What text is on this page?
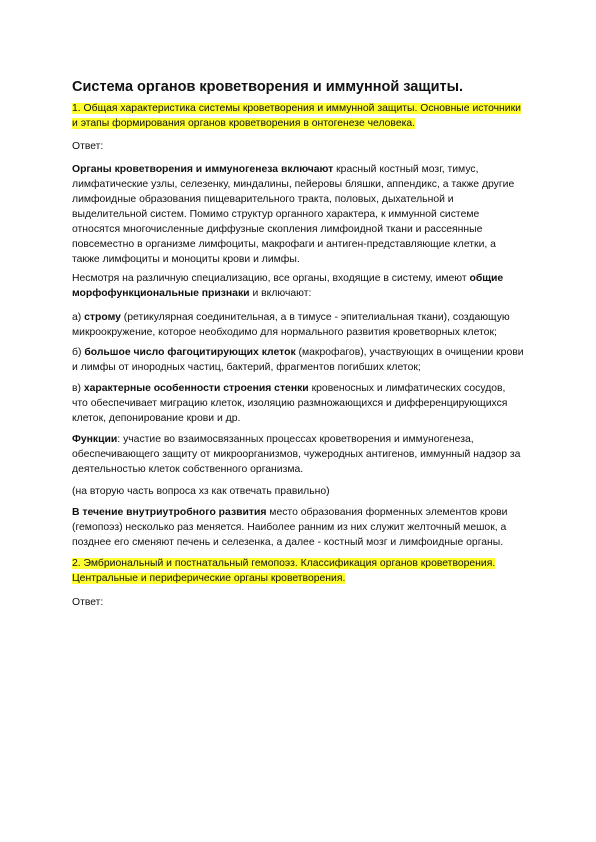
Система органов кроветворения и иммунной защиты.

1. Общая характеристика системы кроветворения и иммунной защиты. Основные источники и этапы формирования органов кроветворения в онтогенезе человека.

Ответ:

Органы кроветворения и иммуногенеза включают красный костный мозг, тимус, лимфатические узлы, селезенку, миндалины, пейеровы бляшки, аппендикс, а также другие лимфоидные образования пищеварительного тракта, половых, дыхательной и выделительной систем. Помимо структур органного характера, к иммунной системе относятся многочисленные диффузные скопления лимфоидной ткани и рассеянные повсеместно в организме лимфоциты, макрофаги и антиген-представляющие клетки, а также лимфоциты и моноциты крови и лимфы.

Несмотря на различную специализацию, все органы, входящие в систему, имеют общие морфофункциональные признаки и включают:

а) строму (ретикулярная соединительная, а в тимусе - эпителиальная ткани), создающую микроокружение, которое необходимо для нормального развития кроветворных клеток;

б) большое число фагоцитирующих клеток (макрофагов), участвующих в очищении крови и лимфы от инородных частиц, бактерий, фрагментов погибших клеток;

в) характерные особенности строения стенки кровеносных и лимфатических сосудов, что обеспечивает миграцию клеток, изоляцию размножающихся и дифференцирующихся клеток, депонирование крови и др.

Функции: участие во взаимосвязанных процессах кроветворения и иммуногенеза, обеспечивающего защиту от микроорганизмов, чужеродных антигенов, иммунный надзор за деятельностью клеток собственного организма.

(на вторую часть вопроса хз как отвечать правильно)

В течение внутриутробного развития место образования форменных элементов крови (гемопоэз) несколько раз меняется. Наиболее ранним из них служит желточный мешок, а позднее его сменяют печень и селезенка, а далее - костный мозг и лимфоидные органы.

2. Эмбриональный и постнатальный гемопоэз. Классификация органов кроветворения. Центральные и периферические органы кроветворения.

Ответ:
